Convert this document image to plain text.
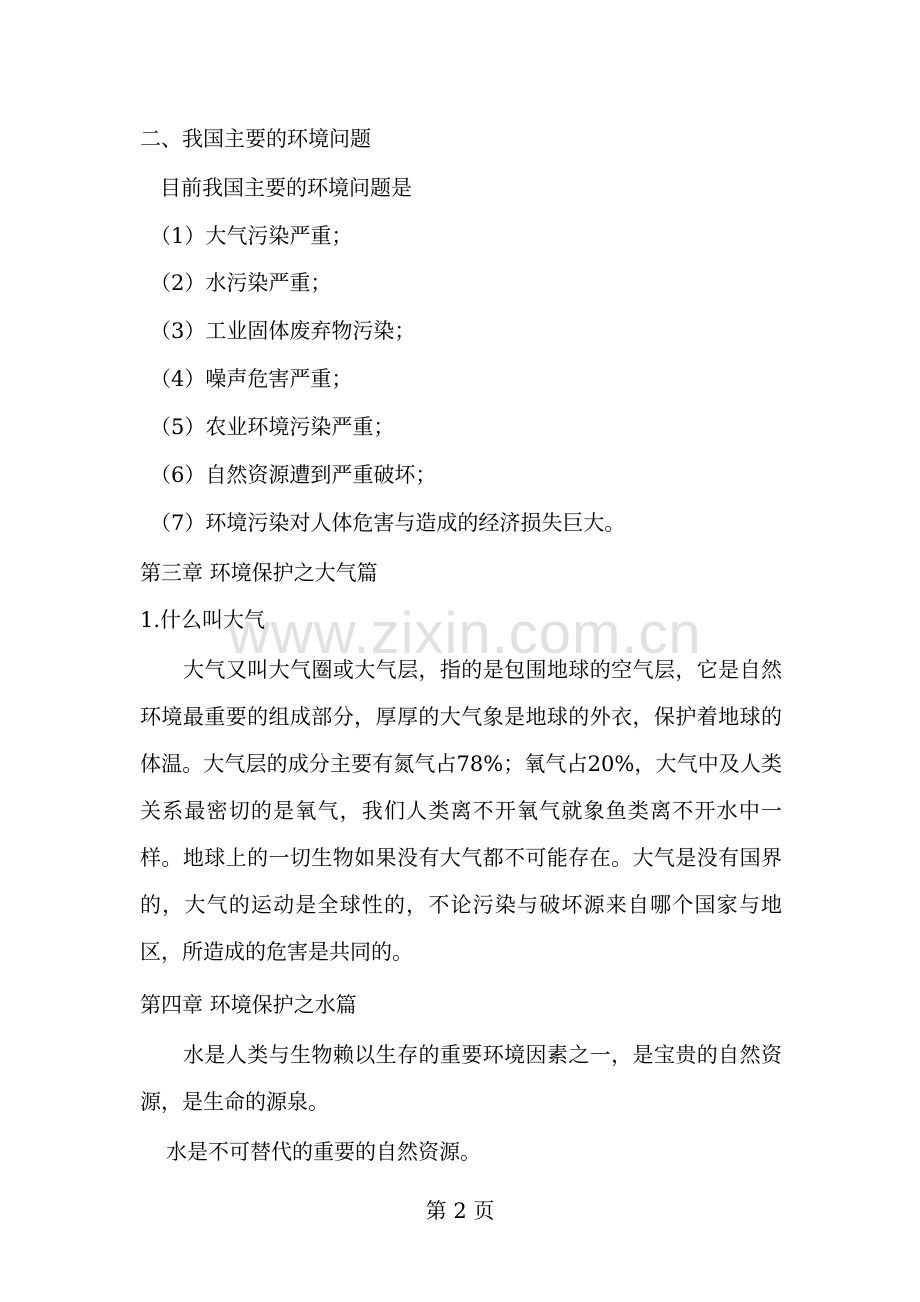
www.zixin.com.cn
二、我国主要的环境问题
目前我国主要的环境问题是
（1）大气污染严重；
（2）水污染严重；
（3）工业固体废弃物污染；
（4）噪声危害严重；
（5）农业环境污染严重；
（6）自然资源遭到严重破坏；
（7）环境污染对人体危害与造成的经济损失巨大。
第三章 环境保护之大气篇
1.什么叫大气
大气又叫大气圈或大气层，指的是包围地球的空气层，它是自然环境最重要的组成部分，厚厚的大气象是地球的外衣，保护着地球的体温。大气层的成分主要有氮气占78%；氧气占20%，大气中及人类关系最密切的是氧气，我们人类离不开氧气就象鱼类离不开水中一样。地球上的一切生物如果没有大气都不可能存在。大气是没有国界的，大气的运动是全球性的，不论污染与破坏源来自哪个国家与地区，所造成的危害是共同的。
第四章 环境保护之水篇
水是人类与生物赖以生存的重要环境因素之一，是宝贵的自然资源，是生命的源泉。
水是不可替代的重要的自然资源。
第 2 页
